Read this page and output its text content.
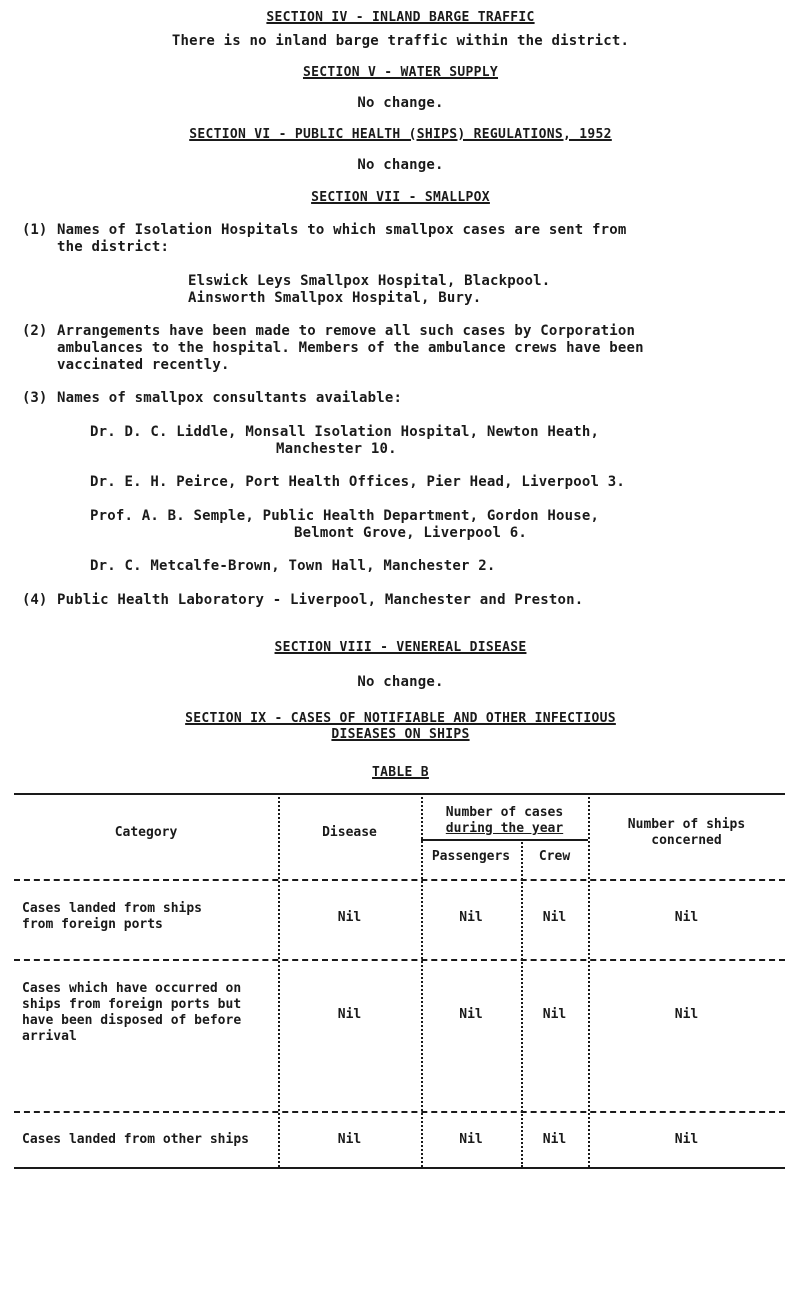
SECTION IV - INLAND BARGE TRAFFIC
There is no inland barge traffic within the district.
SECTION V - WATER SUPPLY
No change.
SECTION VI - PUBLIC HEALTH (SHIPS) REGULATIONS, 1952
No change.
SECTION VII - SMALLPOX
(1) Names of Isolation Hospitals to which smallpox cases are sent from
the district:
Elswick Leys Smallpox Hospital, Blackpool.
Ainsworth Smallpox Hospital, Bury.
(2) Arrangements have been made to remove all such cases by Corporation
ambulances to the hospital. Members of the ambulance crews have been
vaccinated recently.
(3) Names of smallpox consultants available:
Dr. D. C. Liddle, Monsall Isolation Hospital, Newton Heath,
Manchester 10.
Dr. E. H. Peirce, Port Health Offices, Pier Head, Liverpool 3.
Prof. A. B. Semple, Public Health Department, Gordon House,
Belmont Grove, Liverpool 6.
Dr. C. Metcalfe-Brown, Town Hall, Manchester 2.
(4) Public Health Laboratory - Liverpool, Manchester and Preston.
SECTION VIII - VENEREAL DISEASE
No change.
SECTION IX - CASES OF NOTIFIABLE AND OTHER INFECTIOUS
DISEASES ON SHIPS
TABLE B
Category	Disease
Number of cases
during the year
Passengers	Crew
Number of ships
concerned
Cases landed from ships
from foreign ports	Nil	Nil	Nil	Nil
Cases which have occurred on
ships from foreign ports but
have been disposed of before
arrival
Nil	Nil	Nil	Nil
Cases landed from other ships	Nil	Nil	Nil	Nil
